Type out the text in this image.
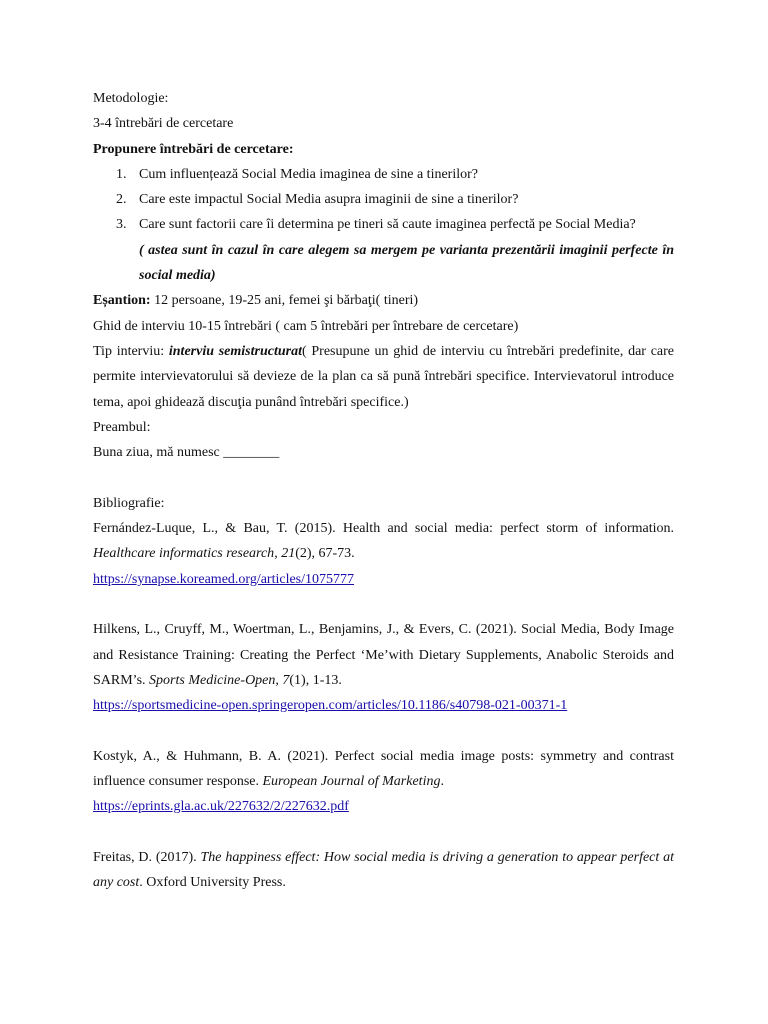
Metodologie:

3-4 întrebări de cercetare

Propunere întrebări de cercetare:

1. Cum influențează Social Media imaginea de sine a tinerilor?
2. Care este impactul Social Media asupra imaginii de sine a tinerilor?
3. Care sunt factorii care îi determina pe tineri să caute imaginea perfectă pe Social Media?

( astea sunt în cazul în care alegem sa mergem pe varianta prezentării imaginii perfecte în social media)

Eșantion: 12 persoane, 19-25 ani, femei şi bărbaţi( tineri)

Ghid de interviu 10-15 întrebări ( cam 5 întrebări per întrebare de cercetare)

Tip interviu: interviu semistructurat( Presupune un ghid de interviu cu întrebări predefinite, dar care permite intervievatorului să devieze de la plan ca să pună întrebări specifice. Intervievatorul introduce tema, apoi ghidează discuţia punând întrebări specifice.)

Preambul:

Buna ziua, mă numesc ________

Bibliografie:

Fernández-Luque, L., & Bau, T. (2015). Health and social media: perfect storm of information. Healthcare informatics research, 21(2), 67-73.

https://synapse.koreamed.org/articles/1075777

Hilkens, L., Cruyff, M., Woertman, L., Benjamins, J., & Evers, C. (2021). Social Media, Body Image and Resistance Training: Creating the Perfect ‘Me’with Dietary Supplements, Anabolic Steroids and SARM’s. Sports Medicine-Open, 7(1), 1-13.

https://sportsmedicine-open.springeropen.com/articles/10.1186/s40798-021-00371-1

Kostyk, A., & Huhmann, B. A. (2021). Perfect social media image posts: symmetry and contrast influence consumer response. European Journal of Marketing.

https://eprints.gla.ac.uk/227632/2/227632.pdf

Freitas, D. (2017). The happiness effect: How social media is driving a generation to appear perfect at any cost. Oxford University Press.
